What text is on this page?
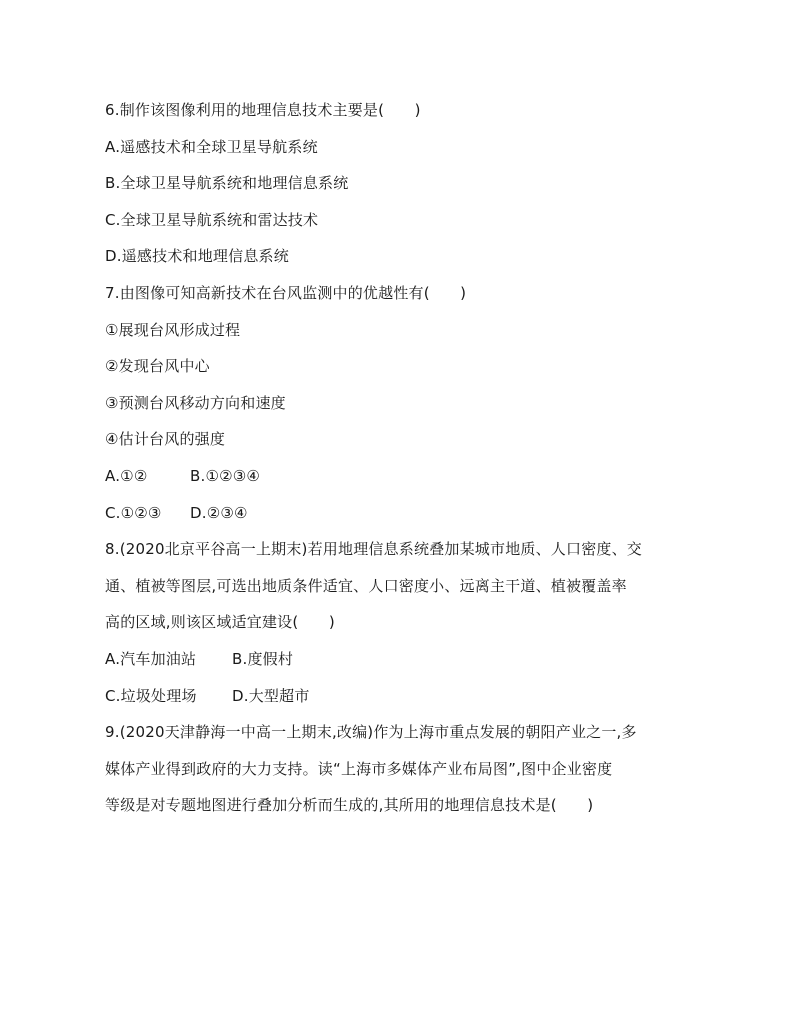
6.制作该图像利用的地理信息技术主要是(　　)
A.遥感技术和全球卫星导航系统
B.全球卫星导航系统和地理信息系统
C.全球卫星导航系统和雷达技术
D.遥感技术和地理信息系统
7.由图像可知高新技术在台风监测中的优越性有(　　)
①展现台风形成过程
②发现台风中心
③预测台风移动方向和速度
④估计台风的强度
A.①②	B.①②③④
C.①②③ D.②③④
8.(2020北京平谷高一上期末)若用地理信息系统叠加某城市地质、人口密度、交
通、植被等图层,可选出地质条件适宜、人口密度小、远离主干道、植被覆盖率
高的区域,则该区域适宜建设(　　)
A.汽车加油站 B.度假村
C.垃圾处理场 D.大型超市
9.(2020天津静海一中高一上期末,改编)作为上海市重点发展的朝阳产业之一,多
媒体产业得到政府的大力支持。读“上海市多媒体产业布局图”,图中企业密度
等级是对专题地图进行叠加分析而生成的,其所用的地理信息技术是(　　)
